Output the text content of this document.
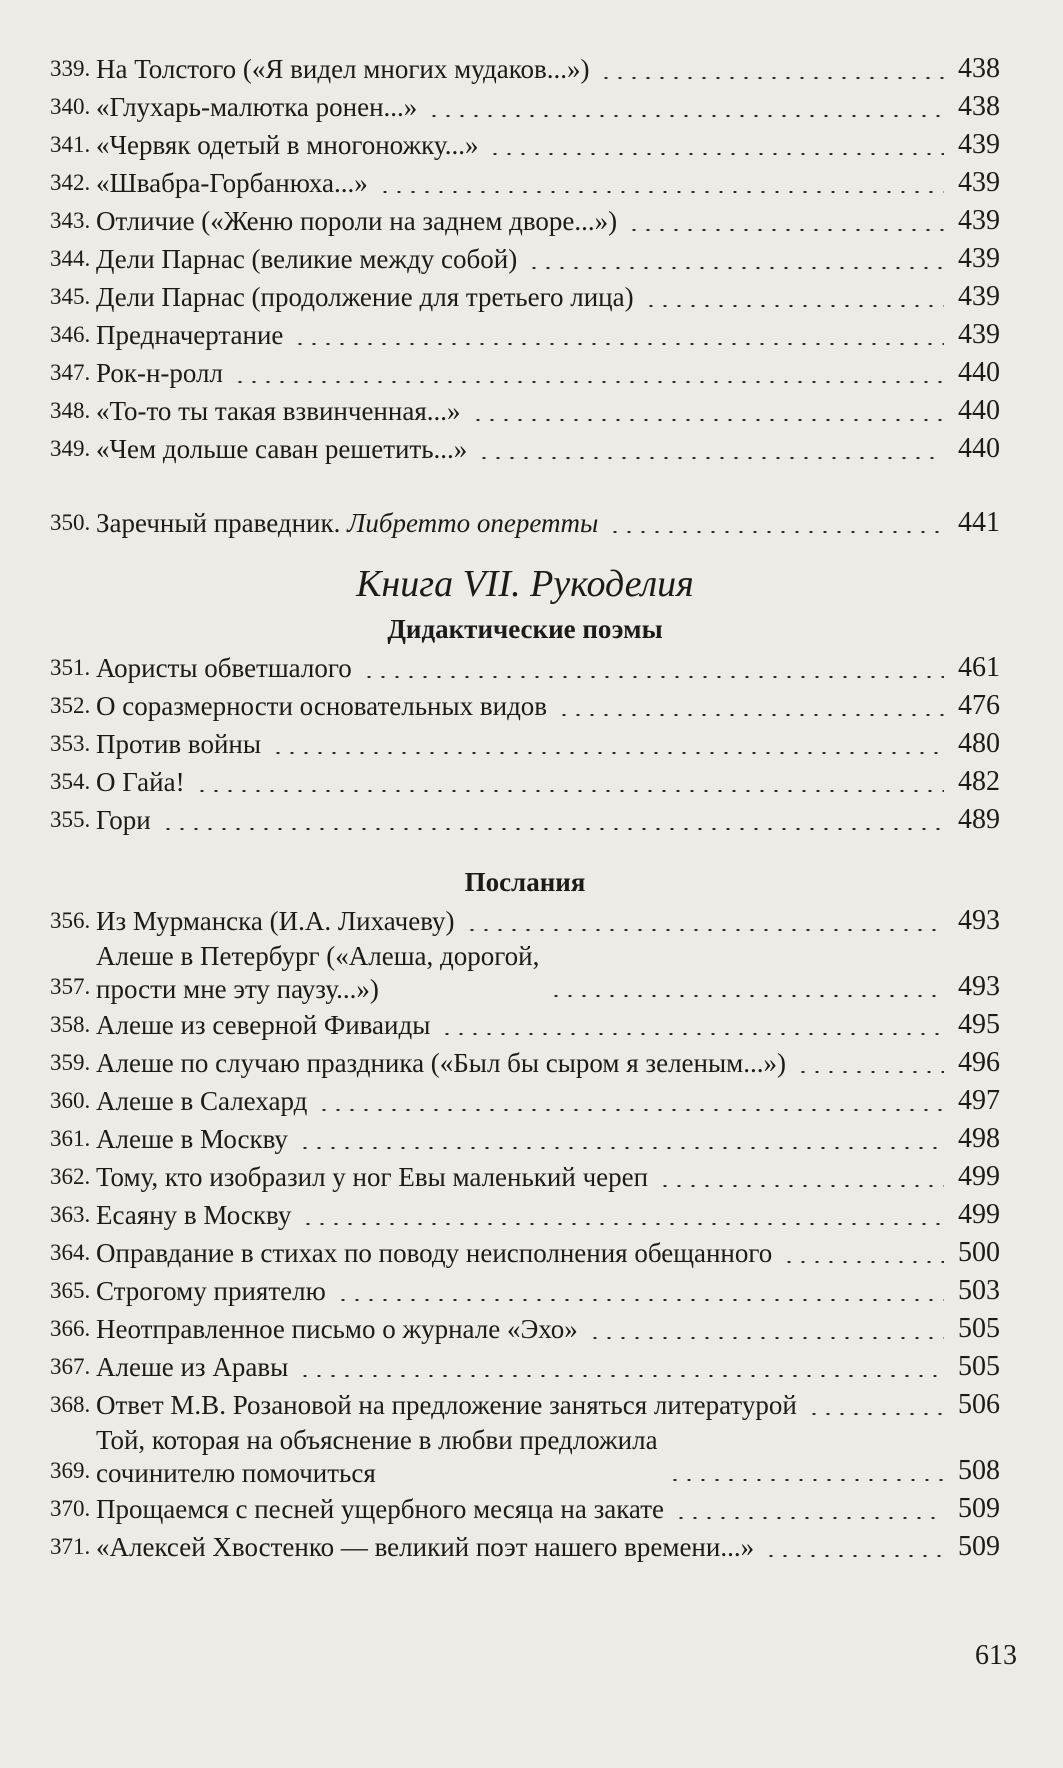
339. На Толстого («Я видел многих мудаков...»)	438
340. «Глухарь-малютка ронен...»	438
341. «Червяк одетый в многоножку...»	439
342. «Швабра-Горбанюха...»	439
343. Отличие («Женю пороли на заднем дворе...»)	439
344. Дели Парнас (великие между собой)	439
345. Дели Парнас (продолжение для третьего лица)	439
346. Предначертание	439
347. Рок-н-ролл	440
348. «То-то ты такая взвинченная...»	440
349. «Чем дольше саван решетить...»	440
350. Заречный праведник. Либретто оперетты	441
Книга VII. Рукоделия
Дидактические поэмы
351. Аористы обветшалого	461
352. О соразмерности основательных видов	476
353. Против войны	480
354. О Гайа!	482
355. Гори	489
Послания
356. Из Мурманска (И.А. Лихачеву)	493
357.
Алеше в Петербург («Алеша, дорогой,
прости мне эту паузу...»)	493
358. Алеше из северной Фиваиды	495
359. Алеше по случаю праздника («Был бы сыром я зеленым...»)	496
360. Алеше в Салехард	497
361. Алеше в Москву	498
362. Тому, кто изобразил у ног Евы маленький череп	499
363. Есаяну в Москву	499
364. Оправдание в стихах по поводу неисполнения обещанного	500
365. Строгому приятелю	503
366. Неотправленное письмо о журнале «Эхо»	505
367. Алеше из Аравы	505
368. Ответ М.В. Розановой на предложение заняться литературой	506
369.
Той, которая на объяснение в любви предложила
сочинителю помочиться	508
370. Прощаемся с песней ущербного месяца на закате	509
371. «Алексей Хвостенко — великий поэт нашего времени...»	509
613
